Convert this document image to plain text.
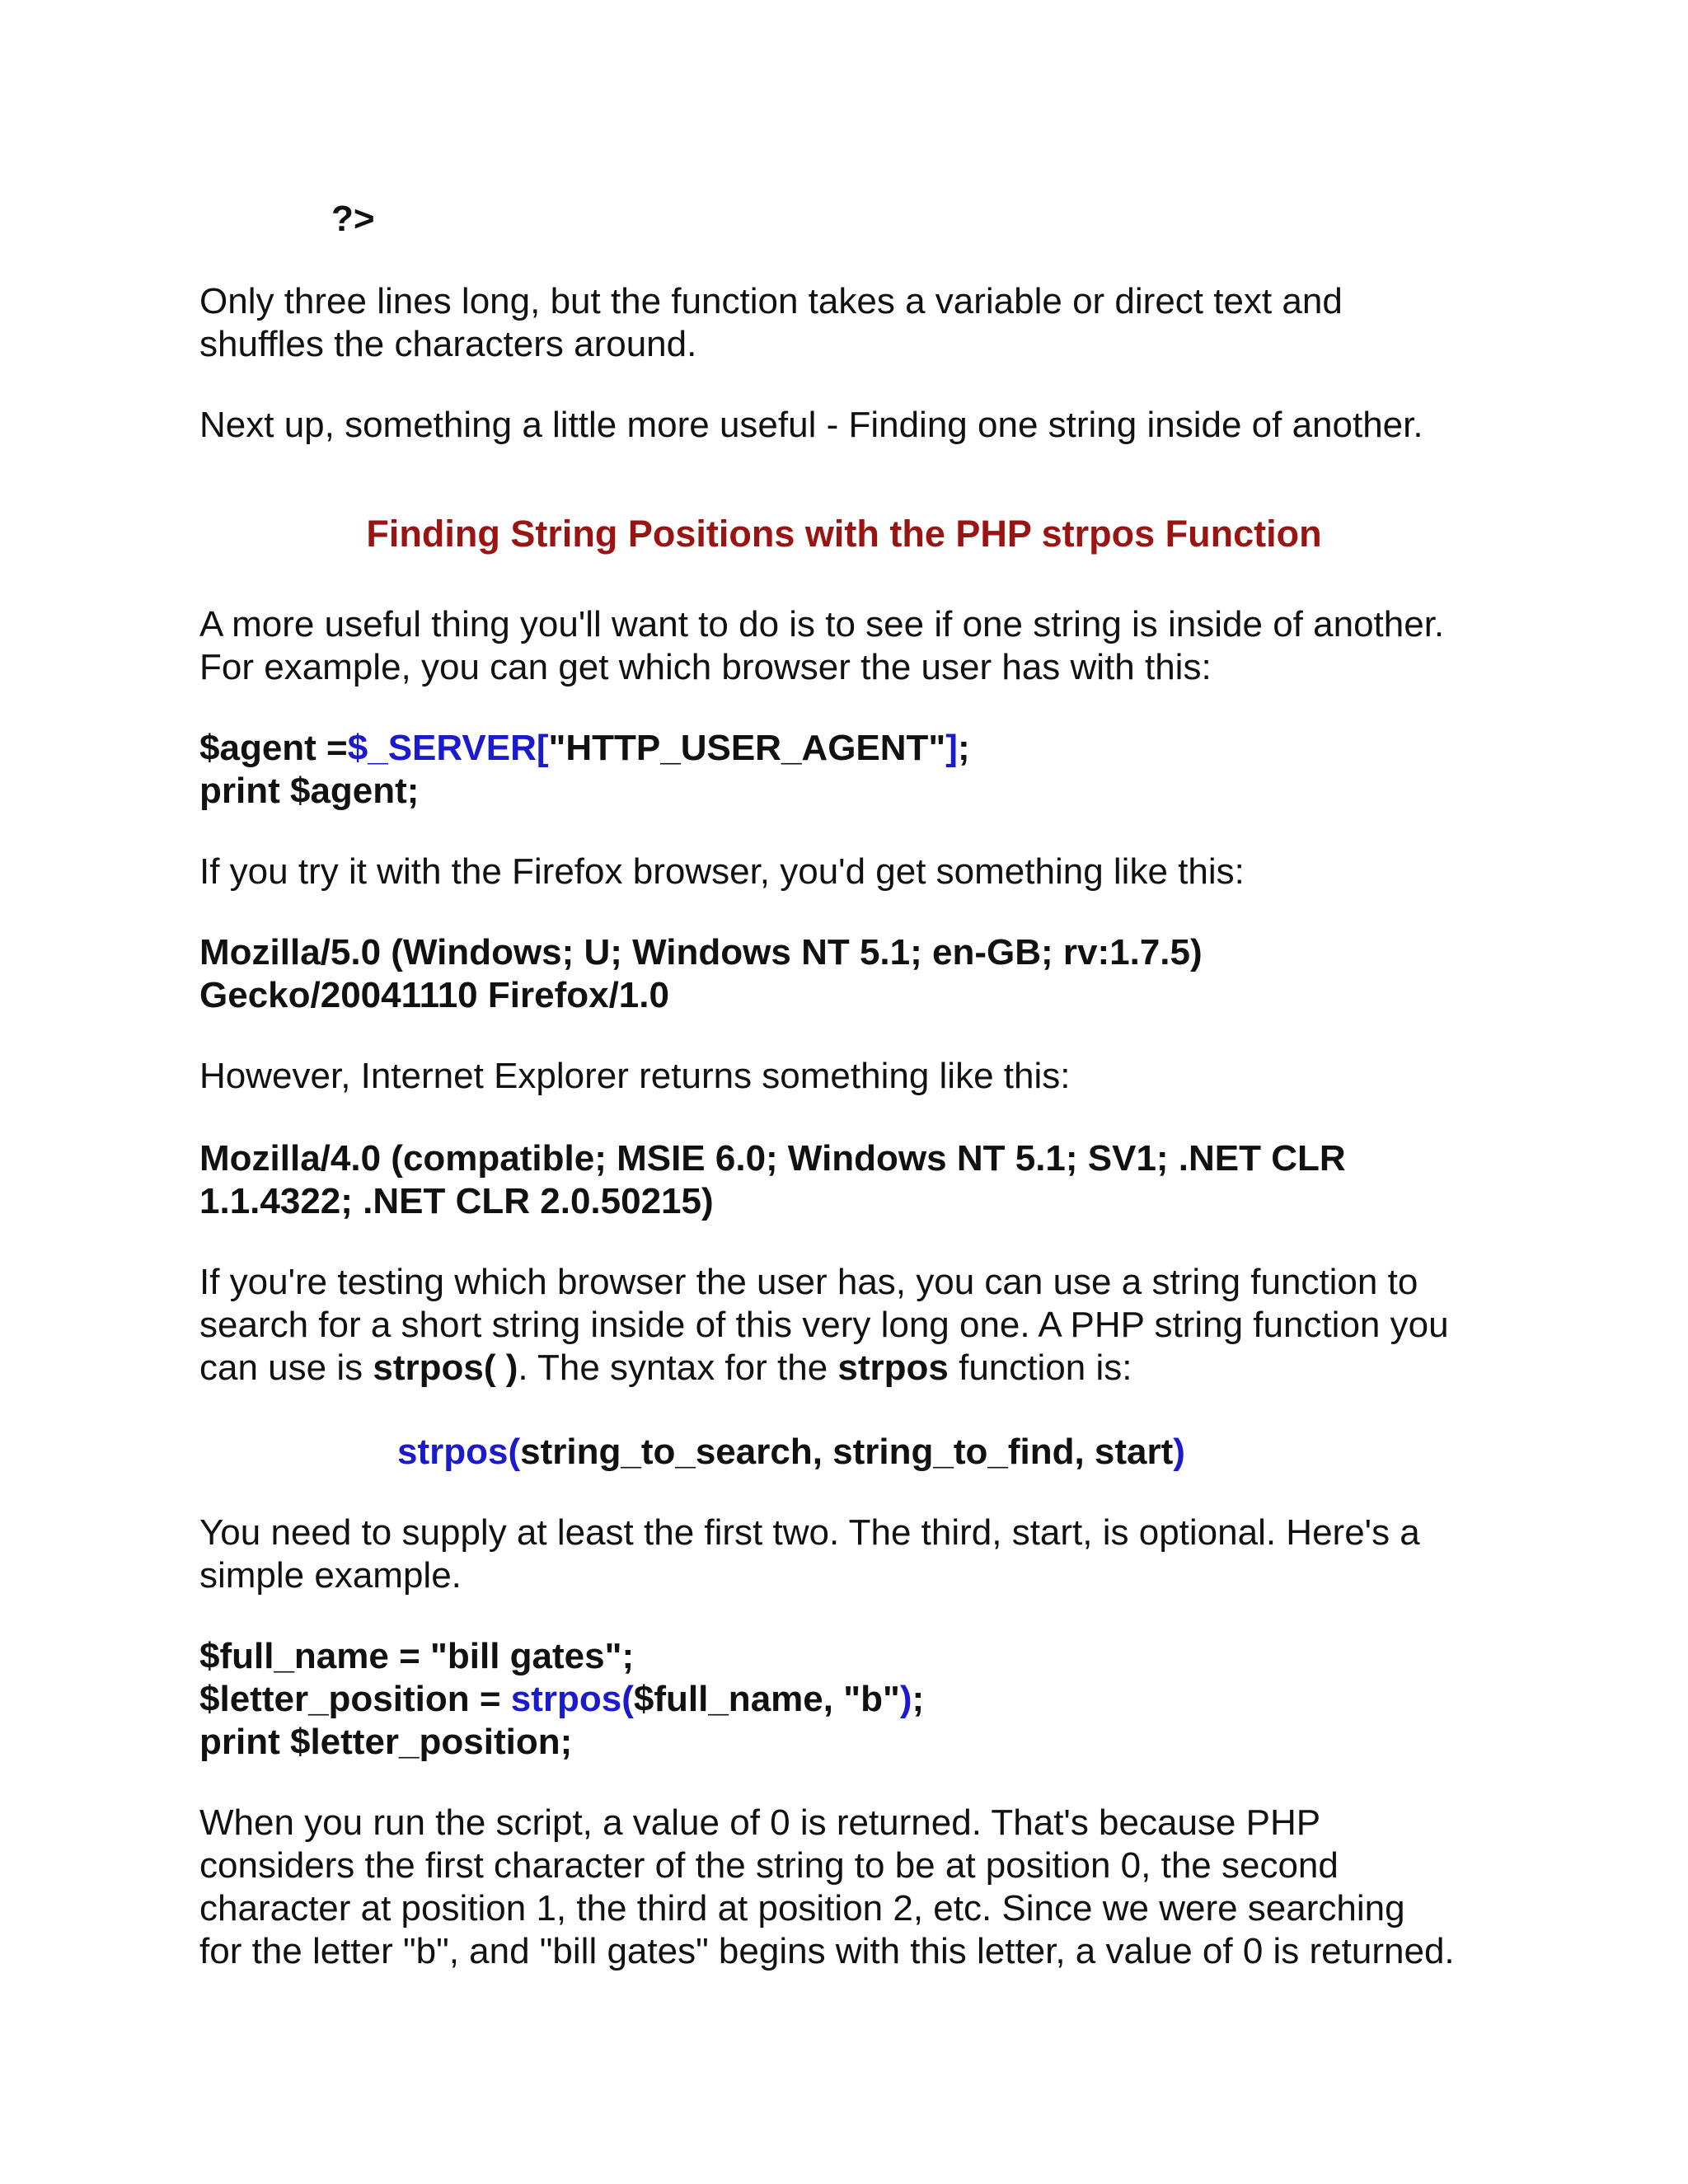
?>

Only three lines long, but the function takes a variable or direct text and
shuffles the characters around.

Next up, something a little more useful - Finding one string inside of another.

Finding String Positions with the PHP strpos Function

A more useful thing you'll want to do is to see if one string is inside of another.
For example, you can get which browser the user has with this:

$agent =$_SERVER["HTTP_USER_AGENT"];
print $agent;

If you try it with the Firefox browser, you'd get something like this:

Mozilla/5.0 (Windows; U; Windows NT 5.1; en-GB; rv:1.7.5)
Gecko/20041110 Firefox/1.0

However, Internet Explorer returns something like this:

Mozilla/4.0 (compatible; MSIE 6.0; Windows NT 5.1; SV1; .NET CLR
1.1.4322; .NET CLR 2.0.50215)

If you're testing which browser the user has, you can use a string function to
search for a short string inside of this very long one. A PHP string function you
can use is strpos( ). The syntax for the strpos function is:

strpos(string_to_search, string_to_find, start)

You need to supply at least the first two. The third, start, is optional. Here's a
simple example.

$full_name = "bill gates";
$letter_position = strpos($full_name, "b");
print $letter_position;

When you run the script, a value of 0 is returned. That's because PHP
considers the first character of the string to be at position 0, the second
character at position 1, the third at position 2, etc. Since we were searching
for the letter "b", and "bill gates" begins with this letter, a value of 0 is returned.
